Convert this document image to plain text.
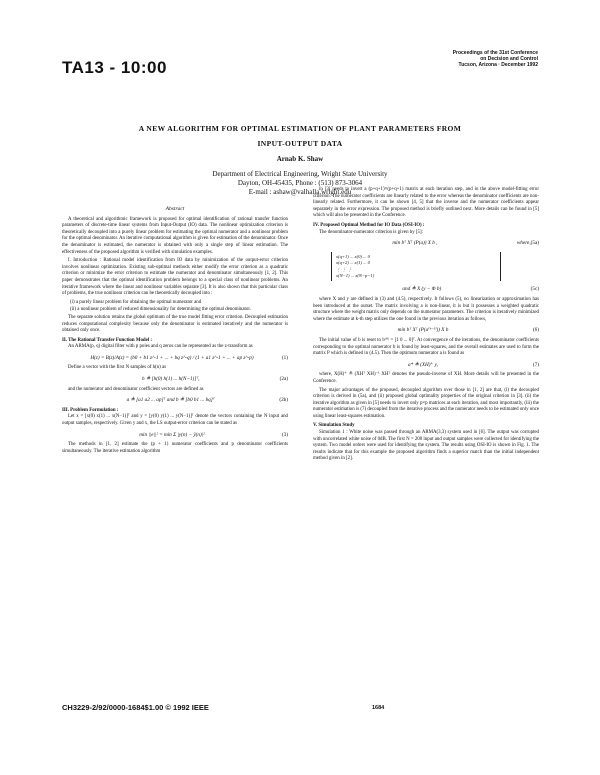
TA13 - 10:00
Proceedings of the 31st Conference
on Decision and Control
Tucson, Arizona · December 1992
A NEW ALGORITHM FOR OPTIMAL ESTIMATION OF PLANT PARAMETERS FROM
INPUT-OUTPUT DATA
Arnab K. Shaw
Department of Electrical Engineering, Wright State University
Dayton, OH-45435, Phone : (513) 873-3064
E-mail : ashaw@valhalla.wright.edu
Abstract

A theoretical and algorithmic framework is proposed for optimal identification of rational transfer function parameters of discrete-time linear systems from Input-Output (IO) data. The nonlinear optimization criterion is theoretically decoupled into a purely linear problem for estimating the optimal numerator and a nonlinear problem for the optimal denominator. An iterative computational algorithm is given for estimation of the denominator. Once the denominator is estimated, the numerator is obtained with only a single step of linear estimation. The effectiveness of the proposed algorithm is verified with simulation examples.

I. Introduction : Rational model identification from IO data by minimization of the output-error criterion involves nonlinear optimization. Existing sub-optimal methods either modify the error criterion as a quadratic criterion or minimize the error criterion to estimate the numerator and denominator simultaneously [1, 2]. This paper demonstrates that the optimal identification problem belongs to a special class of nonlinear problems. An iterative framework where the linear and nonlinear variables separate [3]. It is also shown that this particular class of problems, the true nonlinear criterion can be theoretically decoupled into :

(i) a purely linear problem for obtaining the optimal numerator and
(ii) a nonlinear problem of reduced dimensionality for determining the optimal denominator.

The separate solution retains the global optimum of the true model fitting error criterion. Decoupled estimation reduces computational complexity because only the denominator is estimated iteratively and the numerator is obtained only once.

II. The Rational Transfer Function Model :

An ARMA(p, q) digital filter with p poles and q zeros can be represented as the z-transform as

H(z) = B(z)/A(z) = (b0 + b1 z^-1 + ... + bq z^-q) / (1 + a1 z^-1 + ... + ap z^-p)	(1)

Define a vector with the first N samples of h(n) as

h ≜ [h(0) h(1) ... h(N−1)]ᵀ,	(2a)

and the numerator and denominator coefficient vectors are defined as

a ≜ [a1 a2 ... ap]ᵀ and b ≜ [b0 b1 ... bq]ᵀ	(2b)
III. Problem Formulation :

Let x = [x(0) x(1) ... x(N−1)]ᵀ and y = [y(0) y(1) ... y(N−1)]ᵀ denote the vectors containing the N input and output samples, respectively. Given y and x, the LS output-error criterion can be stated as

min ||e||² = min Σ |y(n) − ŷ(n)|²	(3)

The methods in [1, 2] estimate the (p + 1) numerator coefficients and p denominator coefficients simultaneously. The iterative estimation algorithm

in [3] needs to invert a (p+q+1)×(p+q+1) matrix at each iteration step, and in the above model-fitting error criterion. The numerator coefficients are linearly related to the error whereas the denominator coefficients are non-linearly related. Furthermore, it can be shown [4, 5] that the inverse and the numerator coefficients appear separately in the error expression. The proposed method is briefly outlined next. More details can be found in [5] which will also be presented in the Conference.

IV. Proposed Optimal Method for IO Data (OSI-IO) :

The denominator-numerator criterion is given by [5]:

min bᵀ Xᵀ (P(a)) X b ,	where, (5a)
x(q+1) ... x(0) ... 0
x(q+2) ... x(1) ... 0
⋮ ⋮ ⋮
x(N−1) ... x(N−p−1)
and ≜ X (y − Φ b)	(5c)

where X and y are defined in (3) and (4.5), respectively. It follows (5), no linearization or approximation has been introduced at the outset. The matrix involving a is non-linear, it is but it possesses a weighted quadratic structure where the weight matrix only depends on the numerator parameters. The criterion is iteratively minimized where the estimate at k-th step utilizes the one found in the previous iteration as follows,

min bᵀ Xᵀ (P(a⁽ᵏ⁻¹⁾)) X b	(6)

The initial value of b is reset to b⁽⁰⁾ = [1 0 ... 0]ᵀ. At convergence of the iterations, the denominator coefficients corresponding to the optimal numerator b is found by least-squares, and the overall estimates are used to form the matrix P which is defined in (4.5). Then the optimum numerator a is found as

a* ≜ (XH)⁺ y,	(7)

where, X(H)⁺ ≜ (XHᵀ XH)⁻¹ XHᵀ denotes the pseudo-inverse of XH. More details will be presented in the Conference.

The major advantages of the proposed, decoupled algorithm over those in [1, 2] are that, (i) the decoupled criterion is derived in (5a), and (ii) proposed global optimality properties of the original criterion in [3]. (ii) the iterative algorithm as given in [5] needs to invert only p×p matrices at each iteration, and most importantly, (iii) the numerator estimation is (7) decoupled from the iterative process and the numerator needs to be estimated only once using linear least-squares estimation.

V. Simulation Study

Simulation 1 : White noise was passed through an ARMA(3,3) system used in [6]. The output was corrupted with uncorrelated white noise of 0dB. The first N = 200 input and output samples were collected for identifying the system. Two model orders were used for identifying the system. The results using OSI-IO is shown in Fig. 1. The results indicate that for this example the proposed algorithm finds a superior match than the initial independent method given in [2].

CH3229-2/92/0000-1684$1.00 © 1992 IEEE	1684
